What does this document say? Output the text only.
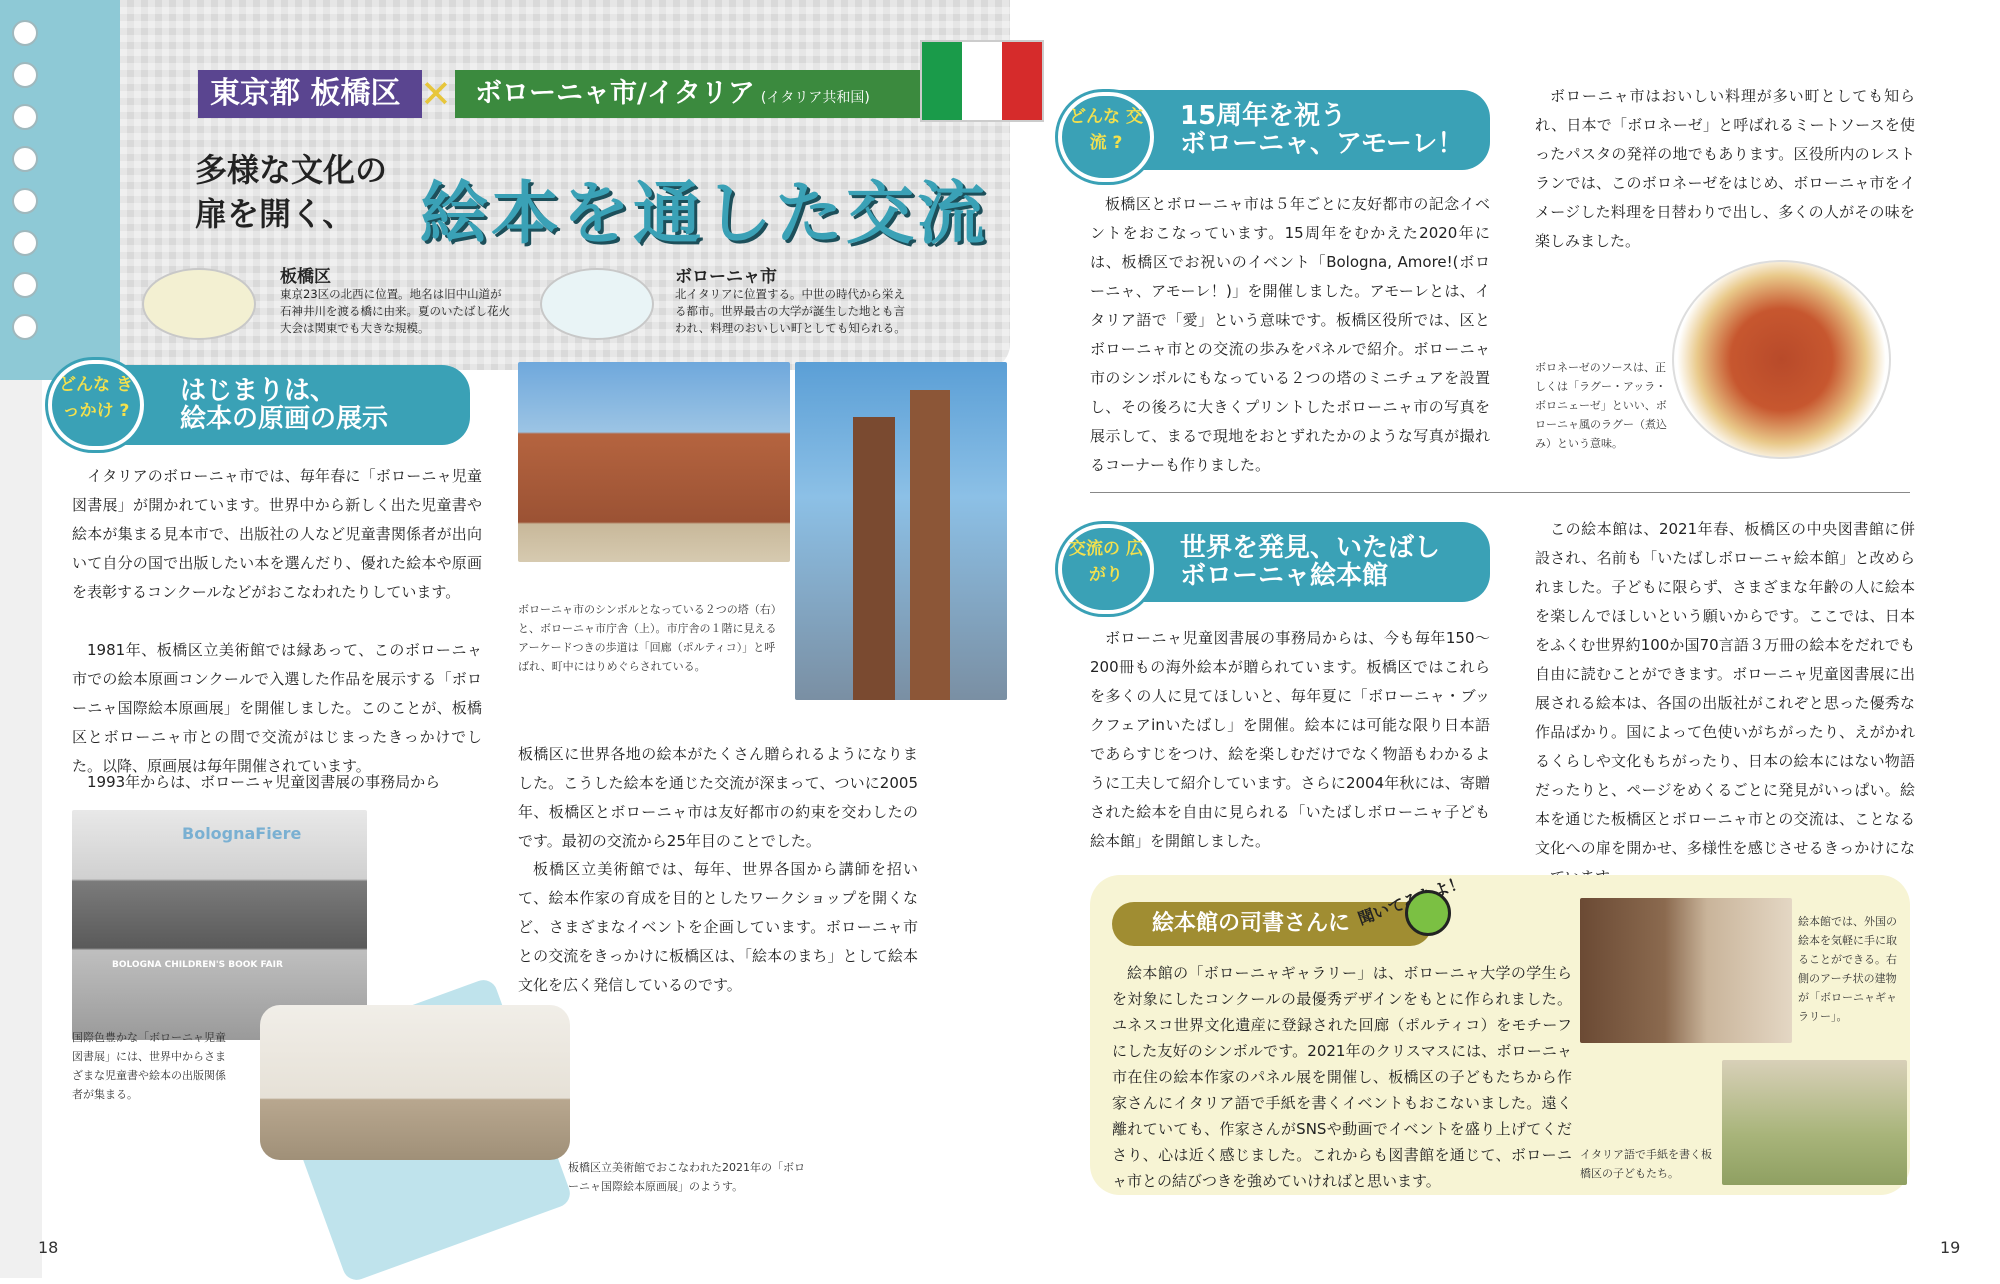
東京都 板橋区 ✕ ボローニャ市/イタリア (イタリア共和国)
多様な文化の
扉を開く、 絵本を通した交流
板橋区
東京23区の北西に位置。地名は旧中山道が石神井川を渡る橋に由来。夏のいたばし花火大会は関東でも大きな規模。
ボローニャ市
北イタリアに位置する。中世の時代から栄える都市。世界最古の大学が誕生した地とも言われ、料理のおいしい町としても知られる。
はじまりは、
絵本の原画の展示
どんな きっかけ ?
イタリアのボローニャ市では、毎年春に「ボローニャ児童図書展」が開かれています。世界中から新しく出た児童書や絵本が集まる見本市で、出版社の人など児童書関係者が出向いて自分の国で出版したい本を選んだり、優れた絵本や原画を表彰するコンクールなどがおこなわれたりしています。
1981年、板橋区立美術館では縁あって、このボローニャ市での絵本原画コンクールで入選した作品を展示する「ボローニャ国際絵本原画展」を開催しました。このことが、板橋区とボローニャ市との間で交流がはじまったきっかけでした。以降、原画展は毎年開催されています。
1993年からは、ボローニャ児童図書展の事務局から
板橋区に世界各地の絵本がたくさん贈られるようになりました。こうした絵本を通じた交流が深まって、ついに2005年、板橋区とボローニャ市は友好都市の約束を交わしたのです。最初の交流から25年目のことでした。
板橋区立美術館では、毎年、世界各国から講師を招いて、絵本作家の育成を目的としたワークショップを開くなど、さまざまなイベントを企画しています。ボローニャ市との交流をきっかけに板橋区は、「絵本のまち」として絵本文化を広く発信しているのです。
ボローニャ市のシンボルとなっている２つの塔（右）と、ボローニャ市庁舎（上）。市庁舎の１階に見えるアーケードつきの歩道は「回廊（ポルティコ）」と呼ばれ、町中にはりめぐらされている。
BolognaFiere
BOLOGNA CHILDREN'S BOOK FAIR
国際色豊かな「ボローニャ児童図書展」には、世界中からさまざまな児童書や絵本の出版関係者が集まる。
板橋区立美術館でおこなわれた2021年の「ボローニャ国際絵本原画展」のようす。
18
15周年を祝う
ボローニャ、アモーレ！
どんな 交流 ?
板橋区とボローニャ市は５年ごとに友好都市の記念イベントをおこなっています。15周年をむかえた2020年には、板橋区でお祝いのイベント「Bologna, Amore!(ボローニャ、アモーレ！)」を開催しました。アモーレとは、イタリア語で「愛」という意味です。板橋区役所では、区とボローニャ市との交流の歩みをパネルで紹介。ボローニャ市のシンボルにもなっている２つの塔のミニチュアを設置し、その後ろに大きくプリントしたボローニャ市の写真を展示して、まるで現地をおとずれたかのような写真が撮れるコーナーも作りました。
ボローニャ市はおいしい料理が多い町としても知られ、日本で「ボロネーゼ」と呼ばれるミートソースを使ったパスタの発祥の地でもあります。区役所内のレストランでは、このボロネーゼをはじめ、ボローニャ市をイメージした料理を日替わりで出し、多くの人がその味を楽しみました。
ボロネーゼのソースは、正しくは「ラグー・アッラ・ボロニェーゼ」といい、ボローニャ風のラグー（煮込み）という意味。
世界を発見、いたばし
ボローニャ絵本館
交流の 広がり
ボローニャ児童図書展の事務局からは、今も毎年150～200冊もの海外絵本が贈られています。板橋区ではこれらを多くの人に見てほしいと、毎年夏に「ボローニャ・ブックフェアinいたばし」を開催。絵本には可能な限り日本語であらすじをつけ、絵を楽しむだけでなく物語もわかるように工夫して紹介しています。さらに2004年秋には、寄贈された絵本を自由に見られる「いたばしボローニャ子ども絵本館」を開館しました。
この絵本館は、2021年春、板橋区の中央図書館に併設され、名前も「いたばしボローニャ絵本館」と改められました。子どもに限らず、さまざまな年齢の人に絵本を楽しんでほしいという願いからです。ここでは、日本をふくむ世界約100か国70言語３万冊の絵本をだれでも自由に読むことができます。ボローニャ児童図書展に出展される絵本は、各国の出版社がこれぞと思った優秀な作品ばかり。国によって色使いがちがったり、えがかれるくらしや文化もちがったり、日本の絵本にはない物語だったりと、ページをめくるごとに発見がいっぱい。絵本を通じた板橋区とボローニャ市との交流は、ことなる文化への扉を開かせ、多様性を感じさせるきっかけにな
絵本館の司書さんに
絵本館の「ボローニャギャラリー」は、ボローニャ大学の学生らを対象にしたコンクールの最優秀デザインをもとに作られました。ユネスコ世界文化遺産に登録された回廊（ポルティコ）をモチーフにした友好のシンボルです。2021年のクリスマスには、ボローニャ市在住の絵本作家のパネル展を開催し、板橋区の子どもたちから作家さんにイタリア語で手紙を書くイベントもおこないました。遠く離れていても、作家さんがSNSや動画でイベントを盛り上げてくださり、心は近く感じました。これからも図書館を通じて、ボローニャ市との結びつきを強めていければと思います。
絵本館では、外国の絵本を気軽に手に取ることができる。右側のアーチ状の建物が「ボローニャギャラリー」。
イタリア語で手紙を書く板橋区の子どもたち。
19
